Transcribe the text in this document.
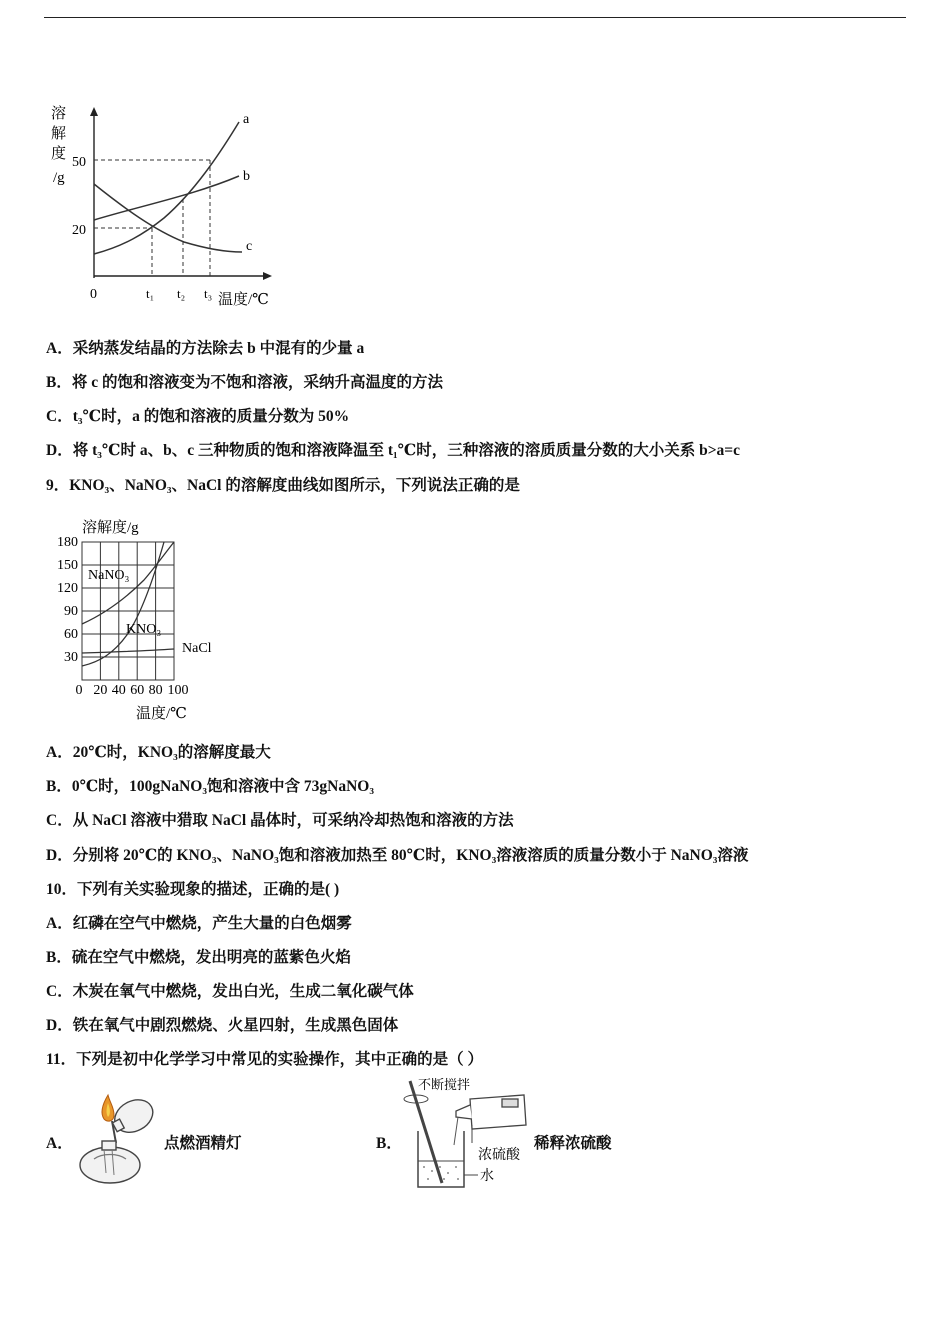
溶
解
度
/g
50
20
a
b
c
0	t₁ t₂ t₃ 温度/℃
A．采纳蒸发结晶的方法除去 b 中混有的少量 a
B．将 c 的饱和溶液变为不饱和溶液，采纳升高温度的方法
C．t₃℃时，a 的饱和溶液的质量分数为 50%
D．将 t₃℃时 a、b、c 三种物质的饱和溶液降温至 t₁℃时，三种溶液的溶质质量分数的大小关系 b>a=c
9．KNO₃、NaNO₃、NaCl 的溶解度曲线如图所示，下列说法正确的是
溶解度/g
180
150
120
90
60
30
0 20 40 60 80 100
NaNO₃
KNO₃
NaCl
温度/℃
A．20℃时，KNO₃的溶解度最大
B．0℃时，100gNaNO₃饱和溶液中含 73gNaNO₃
C．从 NaCl 溶液中猎取 NaCl 晶体时，可采纳冷却热饱和溶液的方法
D．分别将 20℃的 KNO₃、NaNO₃饱和溶液加热至 80℃时，KNO₃溶液溶质的质量分数小于 NaNO₃溶液
10．下列有关实验现象的描述，正确的是( )
A．红磷在空气中燃烧，产生大量的白色烟雾
B．硫在空气中燃烧，发出明亮的蓝紫色火焰
C．木炭在氧气中燃烧，发出白光，生成二氧化碳气体
D．铁在氧气中剧烈燃烧、火星四射，生成黑色固体
11．下列是初中化学学习中常见的实验操作，其中正确的是（ ）
A．	点燃酒精灯	B．
不断搅拌
浓硫酸
水
稀释浓硫酸
